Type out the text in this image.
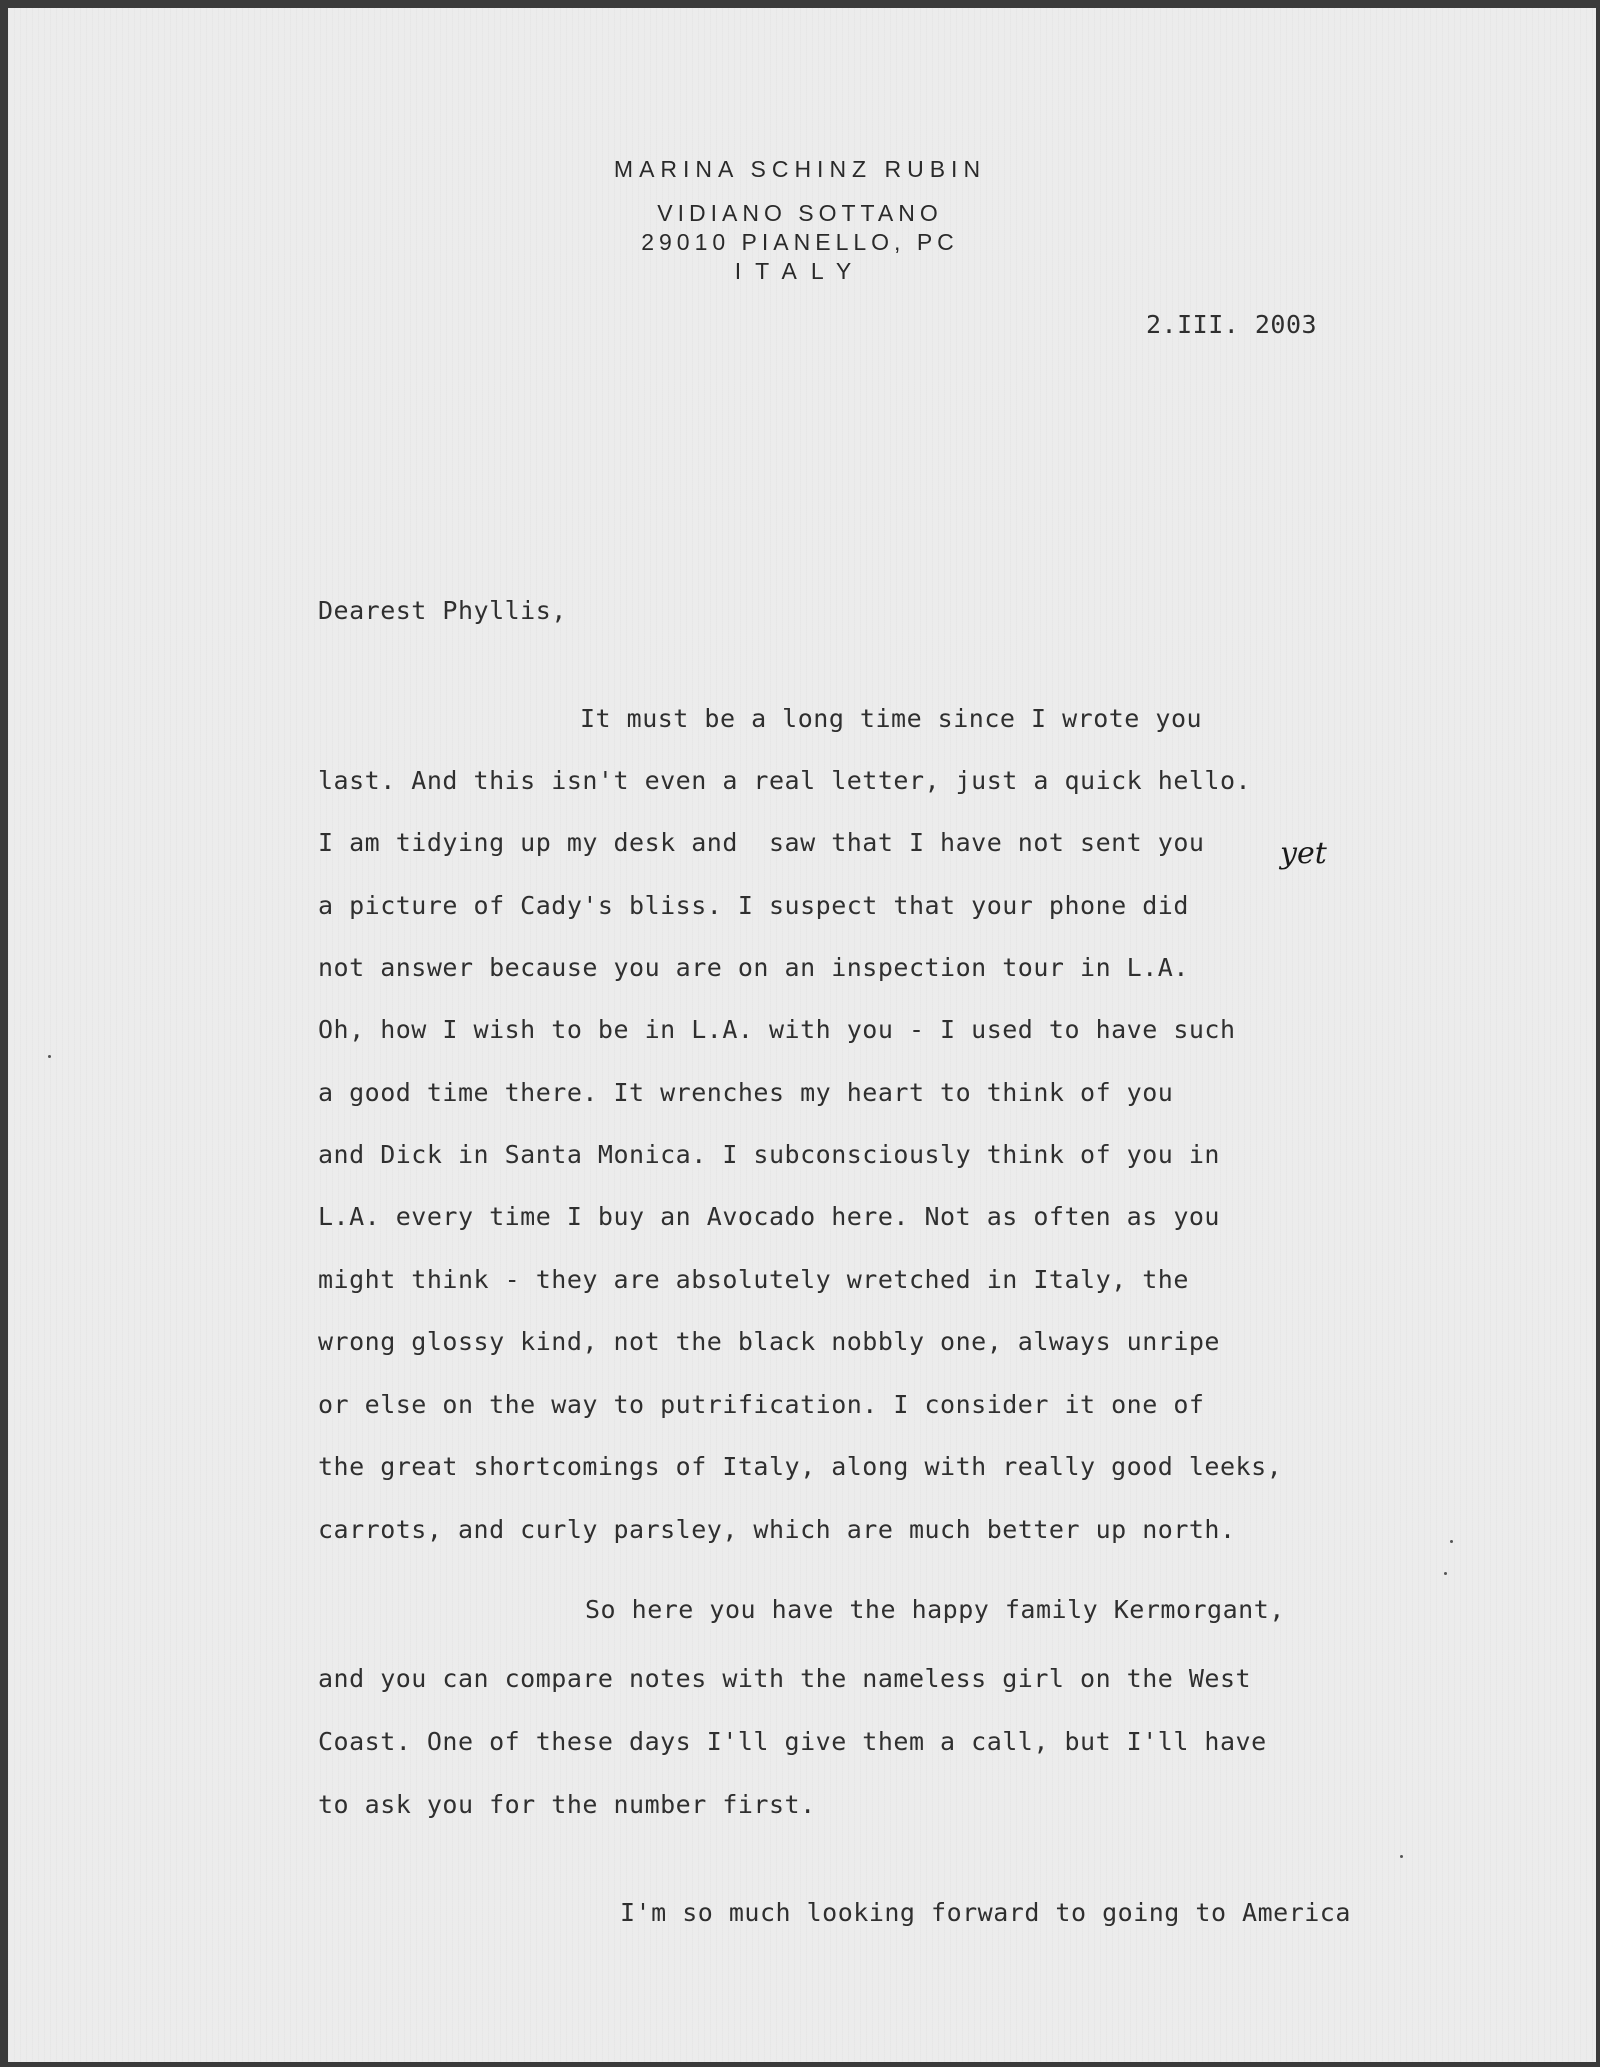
MARINA SCHINZ RUBIN
VIDIANO SOTTANO
29010 PIANELLO, PC
ITALY
2.III. 2003
Dearest Phyllis,
It must be a long time since I wrote you
last. And this isn't even a real letter, just a quick hello.
I am tidying up my desk and  saw that I have not sent you
a picture of Cady's bliss. I suspect that your phone did
not answer because you are on an inspection tour in L.A.
Oh, how I wish to be in L.A. with you - I used to have such
a good time there. It wrenches my heart to think of you
and Dick in Santa Monica. I subconsciously think of you in
L.A. every time I buy an Avocado here. Not as often as you
might think - they are absolutely wretched in Italy, the
wrong glossy kind, not the black nobbly one, always unripe
or else on the way to putrification. I consider it one of
the great shortcomings of Italy, along with really good leeks,
carrots, and curly parsley, which are much better up north.
yet
So here you have the happy family Kermorgant,
and you can compare notes with the nameless girl on the West
Coast. One of these days I'll give them a call, but I'll have
to ask you for the number first.
I'm so much looking forward to going to America
